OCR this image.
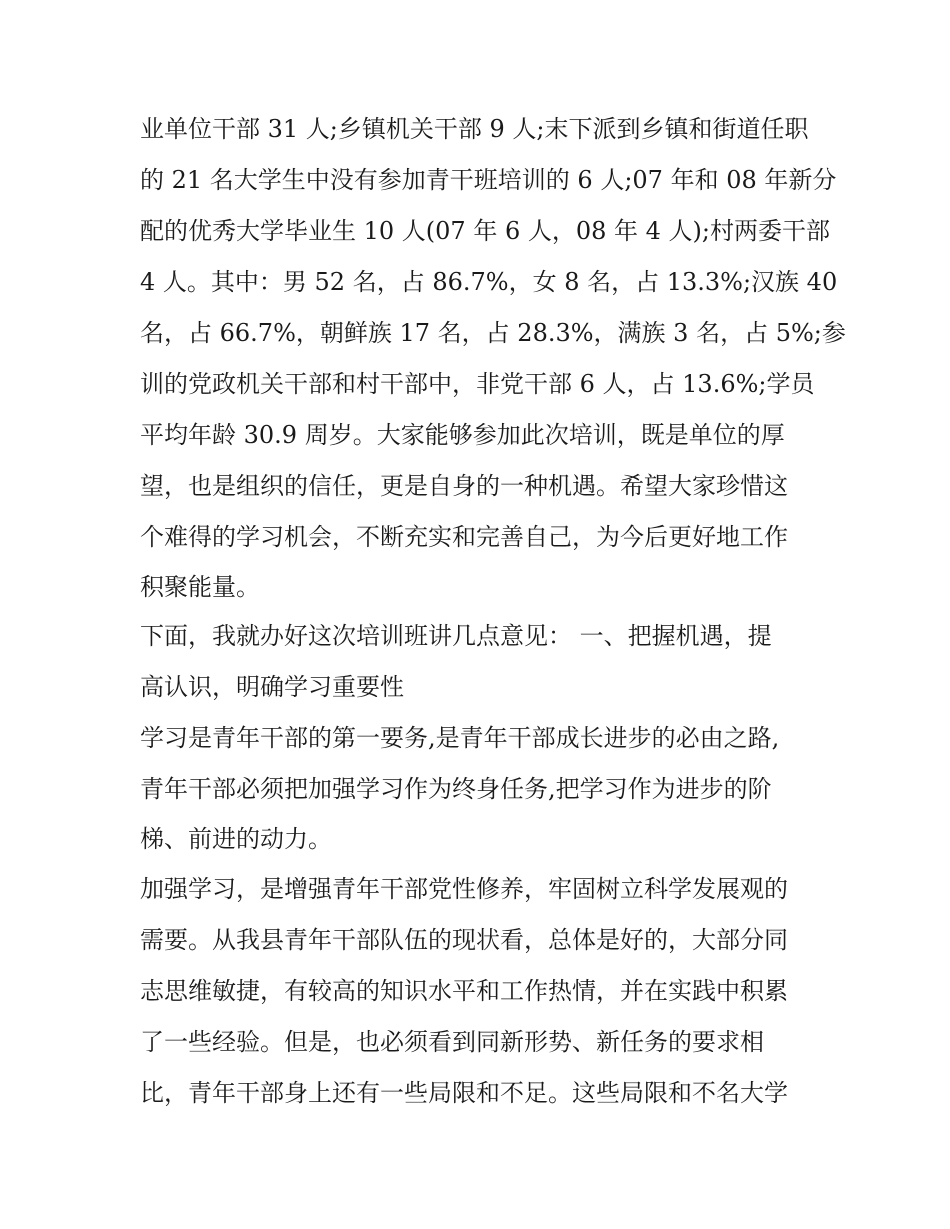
业单位干部 31 人;乡镇机关干部 9 人;末下派到乡镇和街道任职
的 21 名大学生中没有参加青干班培训的 6 人;07 年和 08 年新分
配的优秀大学毕业生 10 人(07 年 6 人，08 年 4 人);村两委干部
4 人。其中：男 52 名，占 86.7%，女 8 名，占 13.3%;汉族 40
名，占 66.7%，朝鲜族 17 名，占 28.3%，满族 3 名，占 5%;参
训的党政机关干部和村干部中，非党干部 6 人，占 13.6%;学员
平均年龄 30.9 周岁。大家能够参加此次培训，既是单位的厚
望，也是组织的信任，更是自身的一种机遇。希望大家珍惜这
个难得的学习机会，不断充实和完善自己，为今后更好地工作
积聚能量。
下面，我就办好这次培训班讲几点意见： 一、把握机遇，提
高认识，明确学习重要性
学习是青年干部的第一要务,是青年干部成长进步的必由之路,
青年干部必须把加强学习作为终身任务,把学习作为进步的阶
梯、前进的动力。
加强学习，是增强青年干部党性修养，牢固树立科学发展观的
需要。从我县青年干部队伍的现状看，总体是好的，大部分同
志思维敏捷，有较高的知识水平和工作热情，并在实践中积累
了一些经验。但是，也必须看到同新形势、新任务的要求相
比，青年干部身上还有一些局限和不足。这些局限和不名大学
